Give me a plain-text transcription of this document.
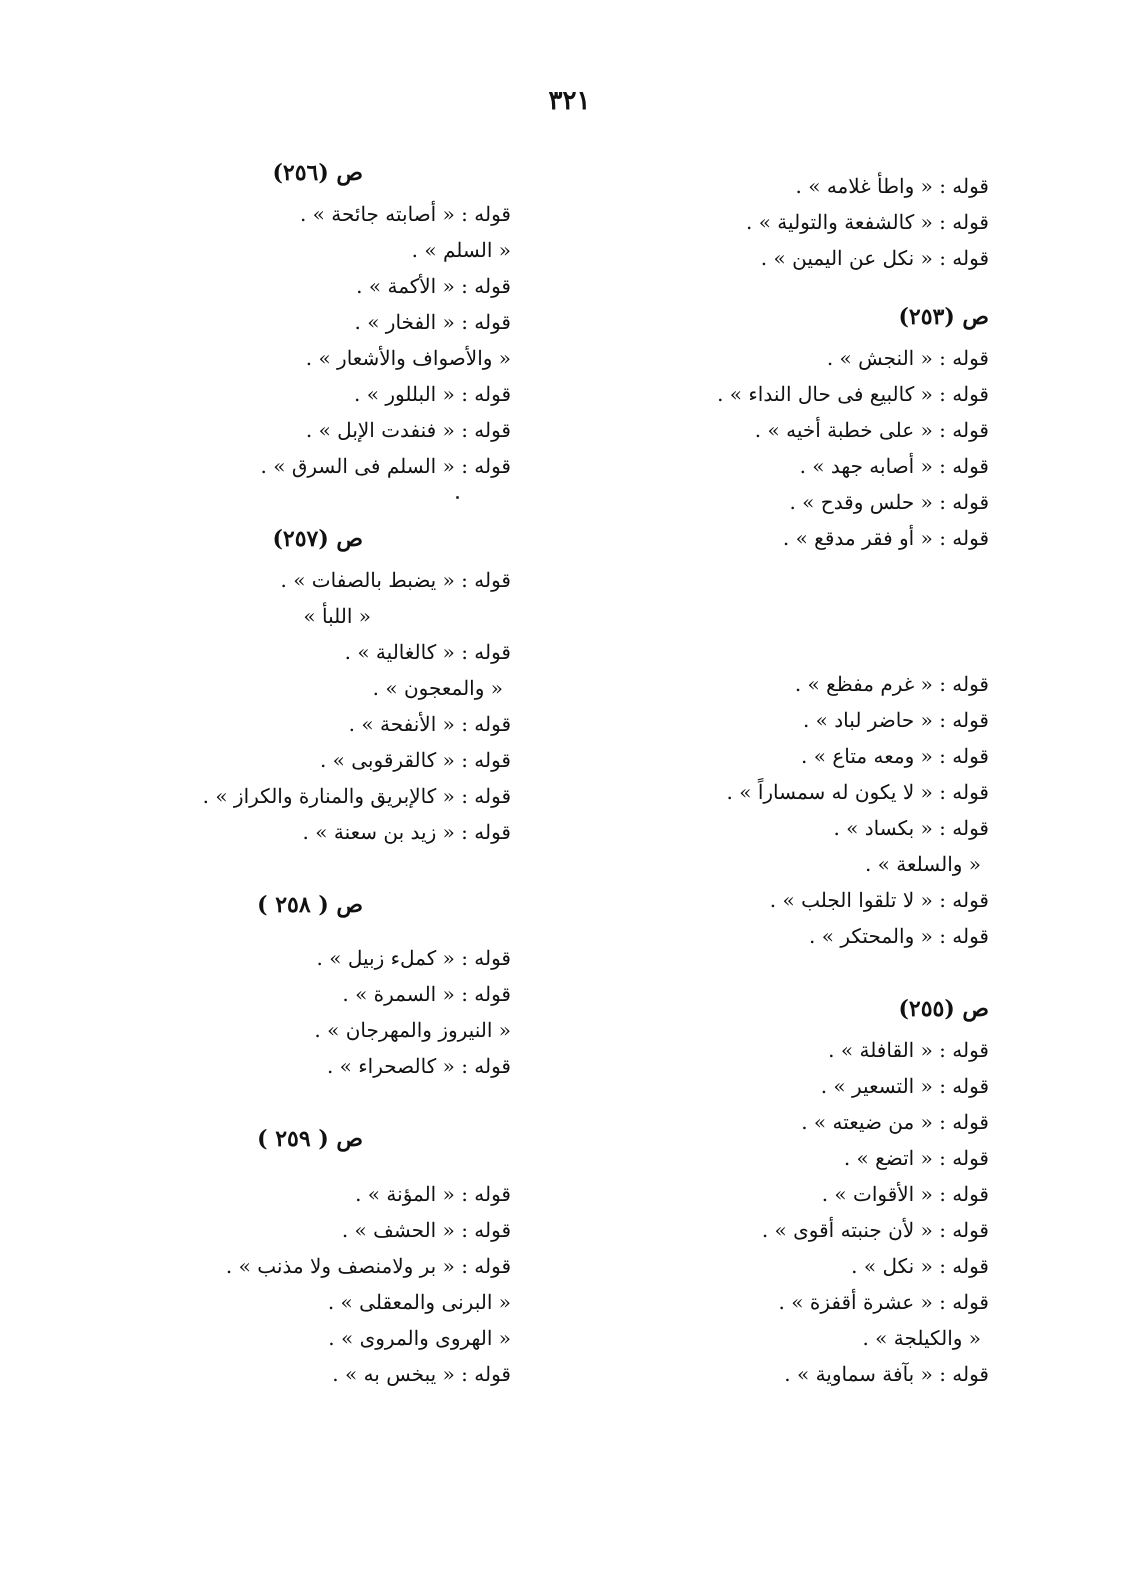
٣٢١
قوله : « واطأ غلامه » .
قوله : « كالشفعة والتولية » .
قوله : « نكل عن اليمين » .
ص (٢٥٣)
قوله : « النجش » .
قوله : « كالبيع فى حال النداء » .
قوله : « على خطبة أخيه » .
قوله : « أصابه جهد » .
قوله : « حلس وقدح » .
قوله : « أو فقر مدقع » .
قوله : « غرم مفظع » .
قوله : « حاضر لباد » .
قوله : « ومعه متاع » .
قوله : « لا يكون له سمساراً » .
قوله : « بكساد » .
« والسلعة » .
قوله : « لا تلقوا الجلب » .
قوله : « والمحتكر » .
ص (٢٥٥)
قوله : « القافلة » .
قوله : « التسعير » .
قوله : « من ضيعته » .
قوله : « اتضع » .
قوله : « الأقوات » .
قوله : « لأن جنبته أقوى » .
قوله : « نكل » .
قوله : « عشرة أقفزة » .
« والكيلجة » .
قوله : « بآفة سماوية » .
ص (٢٥٦)
قوله : « أصابته جائحة » .
« السلم » .
قوله : « الأكمة » .
قوله : « الفخار » .
« والأصواف والأشعار » .
قوله : « البللور » .
قوله : « فنفدت الإبل » .
قوله : « السلم فى السرق » .
ص (٢٥٧)
قوله : « يضبط بالصفات » .
« اللبأ »
قوله : « كالغالية » .
« والمعجون » .
قوله : « الأنفحة » .
قوله : « كالقرقوبى » .
قوله : « كالإبريق والمنارة والكراز » .
قوله : « زيد بن سعنة » .
ص ( ٢٥٨ )
قوله : « كملء زبيل » .
قوله : « السمرة » .
« النيروز والمهرجان » .
قوله : « كالصحراء » .
ص ( ٢٥٩ )
قوله : « المؤنة » .
قوله : « الحشف » .
قوله : « بر ولامنصف ولا مذنب » .
« البرنى والمعقلى » .
« الهروى والمروى » .
قوله : « يبخس به » .
